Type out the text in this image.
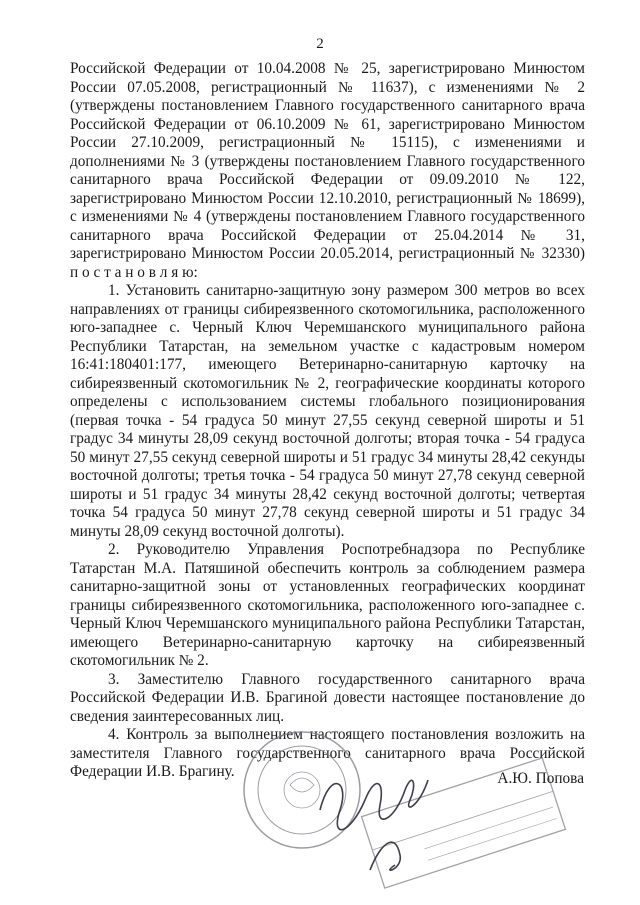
2

Российской Федерации от 10.04.2008 № 25, зарегистрировано Минюстом России 07.05.2008, регистрационный № 11637), с изменениями № 2 (утверждены постановлением Главного государственного санитарного врача Российской Федерации от 06.10.2009 № 61, зарегистрировано Минюстом России 27.10.2009, регистрационный № 15115), с изменениями и дополнениями № 3 (утверждены постановлением Главного государственного санитарного врача Российской Федерации от 09.09.2010 № 122, зарегистрировано Минюстом России 12.10.2010, регистрационный № 18699), с изменениями № 4 (утверждены постановлением Главного государственного санитарного врача Российской Федерации от 25.04.2014 № 31, зарегистрировано Минюстом России 20.05.2014, регистрационный № 32330) п о с т а н о в л я ю:

1. Установить санитарно-защитную зону размером 300 метров во всех направлениях от границы сибиреязвенного скотомогильника, расположенного юго-западнее с. Черный Ключ Черемшанского муниципального района Республики Татарстан, на земельном участке с кадастровым номером 16:41:180401:177, имеющего Ветеринарно-санитарную карточку на сибиреязвенный скотомогильник № 2, географические координаты которого определены с использованием системы глобального позиционирования (первая точка - 54 градуса 50 минут 27,55 секунд северной широты и 51 градус 34 минуты 28,09 секунд восточной долготы; вторая точка - 54 градуса 50 минут 27,55 секунд северной широты и 51 градус 34 минуты 28,42 секунды восточной долготы; третья точка - 54 градуса 50 минут 27,78 секунд северной широты и 51 градус 34 минуты 28,42 секунд восточной долготы; четвертая точка 54 градуса 50 минут 27,78 секунд северной широты и 51 градус 34 минуты 28,09 секунд восточной долготы).

2. Руководителю Управления Роспотребнадзора по Республике Татарстан М.А. Патяшиной обеспечить контроль за соблюдением размера санитарно-защитной зоны от установленных географических координат границы сибиреязвенного скотомогильника, расположенного юго-западнее с. Черный Ключ Черемшанского муниципального района Республики Татарстан, имеющего Ветеринарно-санитарную карточку на сибиреязвенный скотомогильник № 2.

3. Заместителю Главного государственного санитарного врача Российской Федерации И.В. Брагиной довести настоящее постановление до сведения заинтересованных лиц.

4. Контроль за выполнением настоящего постановления возложить на заместителя Главного государственного санитарного врача Российской Федерации И.В. Брагину.	А.Ю. Попова
